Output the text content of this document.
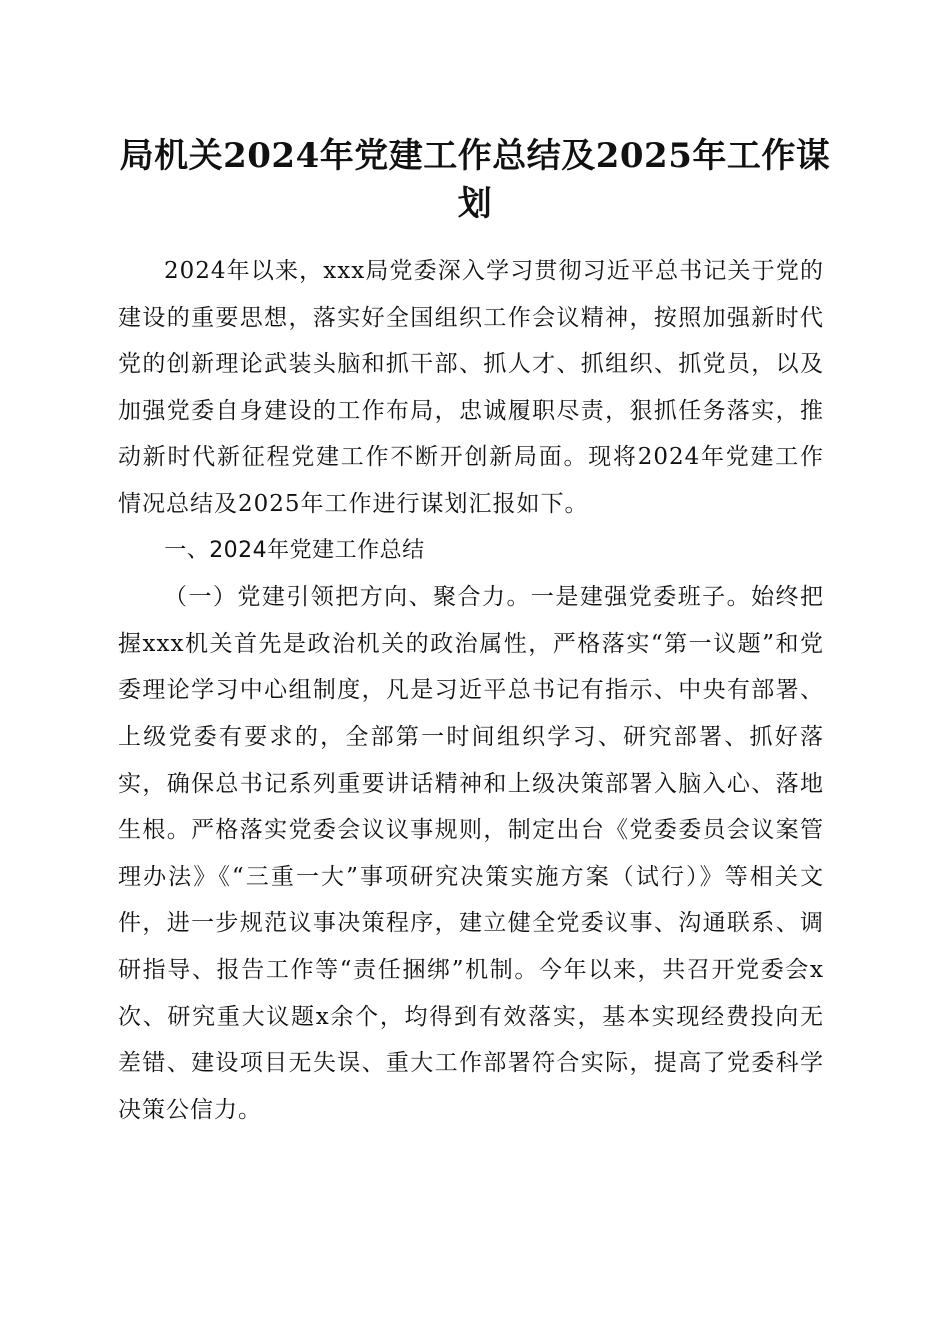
局机关2024年党建工作总结及2025年工作谋划

2024年以来，xxx局党委深入学习贯彻习近平总书记关于党的建设的重要思想，落实好全国组织工作会议精神，按照加强新时代党的创新理论武装头脑和抓干部、抓人才、抓组织、抓党员，以及加强党委自身建设的工作布局，忠诚履职尽责，狠抓任务落实，推动新时代新征程党建工作不断开创新局面。现将2024年党建工作情况总结及2025年工作进行谋划汇报如下。

一、2024年党建工作总结

（一）党建引领把方向、聚合力。一是建强党委班子。始终把握xxx机关首先是政治机关的政治属性，严格落实“第一议题”和党委理论学习中心组制度，凡是习近平总书记有指示、中央有部署、上级党委有要求的，全部第一时间组织学习、研究部署、抓好落实，确保总书记系列重要讲话精神和上级决策部署入脑入心、落地生根。严格落实党委会议议事规则，制定出台《党委委员会议案管理办法》《“三重一大”事项研究决策实施方案（试行）》等相关文件，进一步规范议事决策程序，建立健全党委议事、沟通联系、调研指导、报告工作等“责任捆绑”机制。今年以来，共召开党委会x次、研究重大议题x余个，均得到有效落实，基本实现经费投向无差错、建设项目无失误、重大工作部署符合实际，提高了党委科学决策公信力。
